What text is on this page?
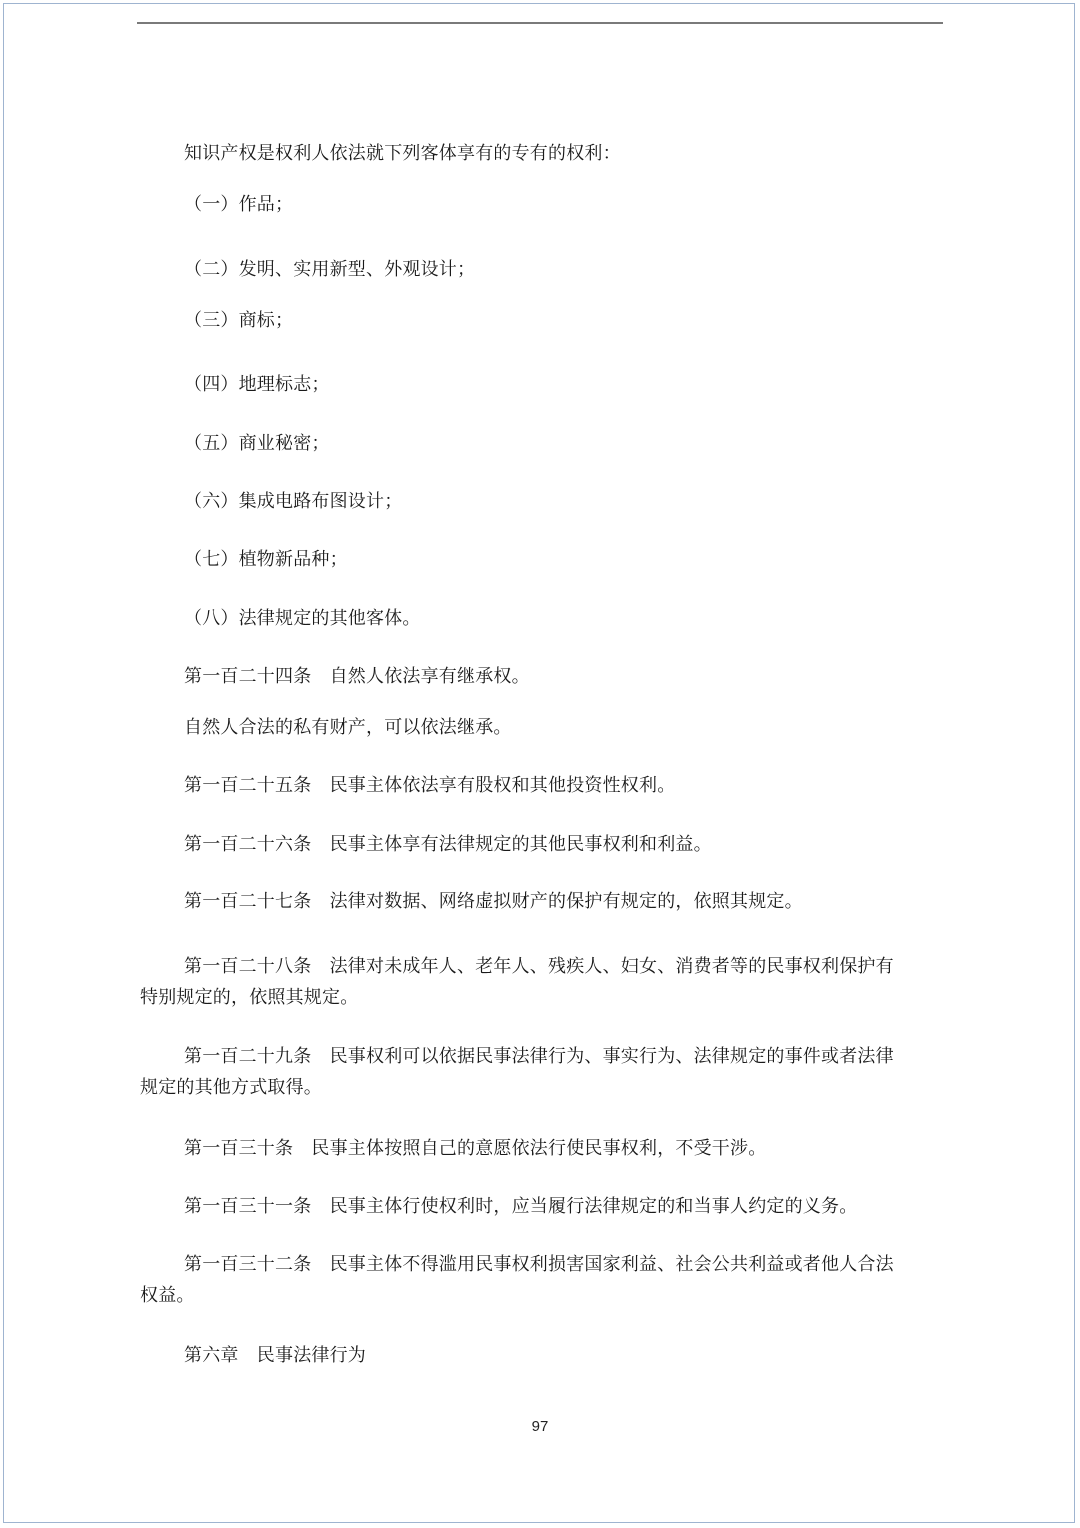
知识产权是权利人依法就下列客体享有的专有的权利：
（一）作品；
（二）发明、实用新型、外观设计；
（三）商标；
（四）地理标志；
（五）商业秘密；
（六）集成电路布图设计；
（七）植物新品种；
（八）法律规定的其他客体。
第一百二十四条　自然人依法享有继承权。
自然人合法的私有财产，可以依法继承。
第一百二十五条　民事主体依法享有股权和其他投资性权利。
第一百二十六条　民事主体享有法律规定的其他民事权利和利益。
第一百二十七条　法律对数据、网络虚拟财产的保护有规定的，依照其规定。
第一百二十八条　法律对未成年人、老年人、残疾人、妇女、消费者等的民事权利保护有
特别规定的，依照其规定。
第一百二十九条　民事权利可以依据民事法律行为、事实行为、法律规定的事件或者法律
规定的其他方式取得。
第一百三十条　民事主体按照自己的意愿依法行使民事权利，不受干涉。
第一百三十一条　民事主体行使权利时，应当履行法律规定的和当事人约定的义务。
第一百三十二条　民事主体不得滥用民事权利损害国家利益、社会公共利益或者他人合法
权益。
第六章　民事法律行为
97
